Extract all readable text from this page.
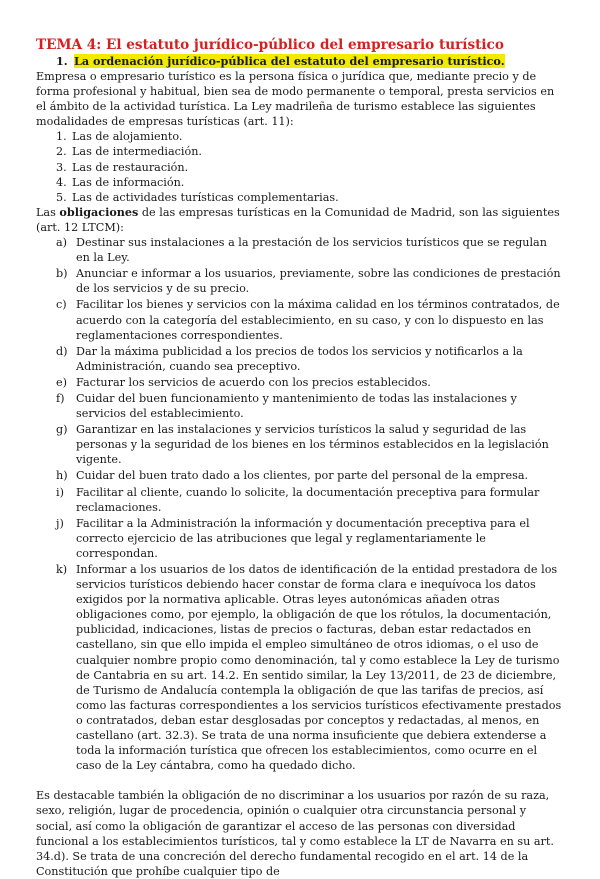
TEMA 4: El estatuto jurídico-público del empresario turístico
1. La ordenación jurídico-pública del estatuto del empresario turístico.

Empresa o empresario turístico es la persona física o jurídica que, mediante precio y de forma profesional y habitual, bien sea de modo permanente o temporal, presta servicios en el ámbito de la actividad turística. La Ley madrileña de turismo establece las siguientes modalidades de empresas turísticas (art. 11):

1. Las de alojamiento.
2. Las de intermediación.
3. Las de restauración.
4. Las de información.
5. Las de actividades turísticas complementarias.

Las obligaciones de las empresas turísticas en la Comunidad de Madrid, son las siguientes (art. 12 LTCM):

a) Destinar sus instalaciones a la prestación de los servicios turísticos que se regulan en la Ley.
b) Anunciar e informar a los usuarios, previamente, sobre las condiciones de prestación de los servicios y de su precio.
c) Facilitar los bienes y servicios con la máxima calidad en los términos contratados, de acuerdo con la categoría del establecimiento, en su caso, y con lo dispuesto en las reglamentaciones correspondientes.
d) Dar la máxima publicidad a los precios de todos los servicios y notificarlos a la Administración, cuando sea preceptivo.
e) Facturar los servicios de acuerdo con los precios establecidos.
f)	Cuidar del buen funcionamiento y mantenimiento de todas las instalaciones y servicios del establecimiento.
g) Garantizar en las instalaciones y servicios turísticos la salud y seguridad de las personas y la seguridad de los bienes en los términos establecidos en la legislación vigente.
h) Cuidar del buen trato dado a los clientes, por parte del personal de la empresa.
i)	Facilitar al cliente, cuando lo solicite, la documentación preceptiva para formular reclamaciones.
j)	Facilitar a la Administración la información y documentación preceptiva para el correcto ejercicio de las atribuciones que legal y reglamentariamente le correspondan.
k) Informar a los usuarios de los datos de identificación de la entidad prestadora de los servicios turísticos debiendo hacer constar de forma clara e inequívoca los datos exigidos por la normativa aplicable. Otras leyes autonómicas añaden otras obligaciones como, por ejemplo, la obligación de que los rótulos, la documentación, publicidad, indicaciones, listas de precios o facturas, deban estar redactados en castellano, sin que ello impida el empleo simultáneo de otros idiomas, o el uso de cualquier nombre propio como denominación, tal y como establece la Ley de turismo de Cantabria en su art. 14.2. En sentido similar, la Ley 13/2011, de 23 de diciembre, de Turismo de Andalucía contempla la obligación de que las tarifas de precios, así como las facturas correspondientes a los servicios turísticos efectivamente prestados o contratados, deban estar desglosadas por conceptos y redactadas, al menos, en castellano (art. 32.3). Se trata de una norma insuficiente que debiera extenderse a toda la información turística que ofrecen los establecimientos, como ocurre en el caso de la Ley cántabra, como ha quedado dicho.

Es destacable también la obligación de no discriminar a los usuarios por razón de su raza, sexo, religión, lugar de procedencia, opinión o cualquier otra circunstancia personal y social, así como la obligación de garantizar el acceso de las personas con diversidad funcional a los establecimientos turísticos, tal y como establece la LT de Navarra en su art. 34.d). Se trata de una concreción del derecho fundamental recogido en el art. 14 de la Constitución que prohíbe cualquier tipo de
